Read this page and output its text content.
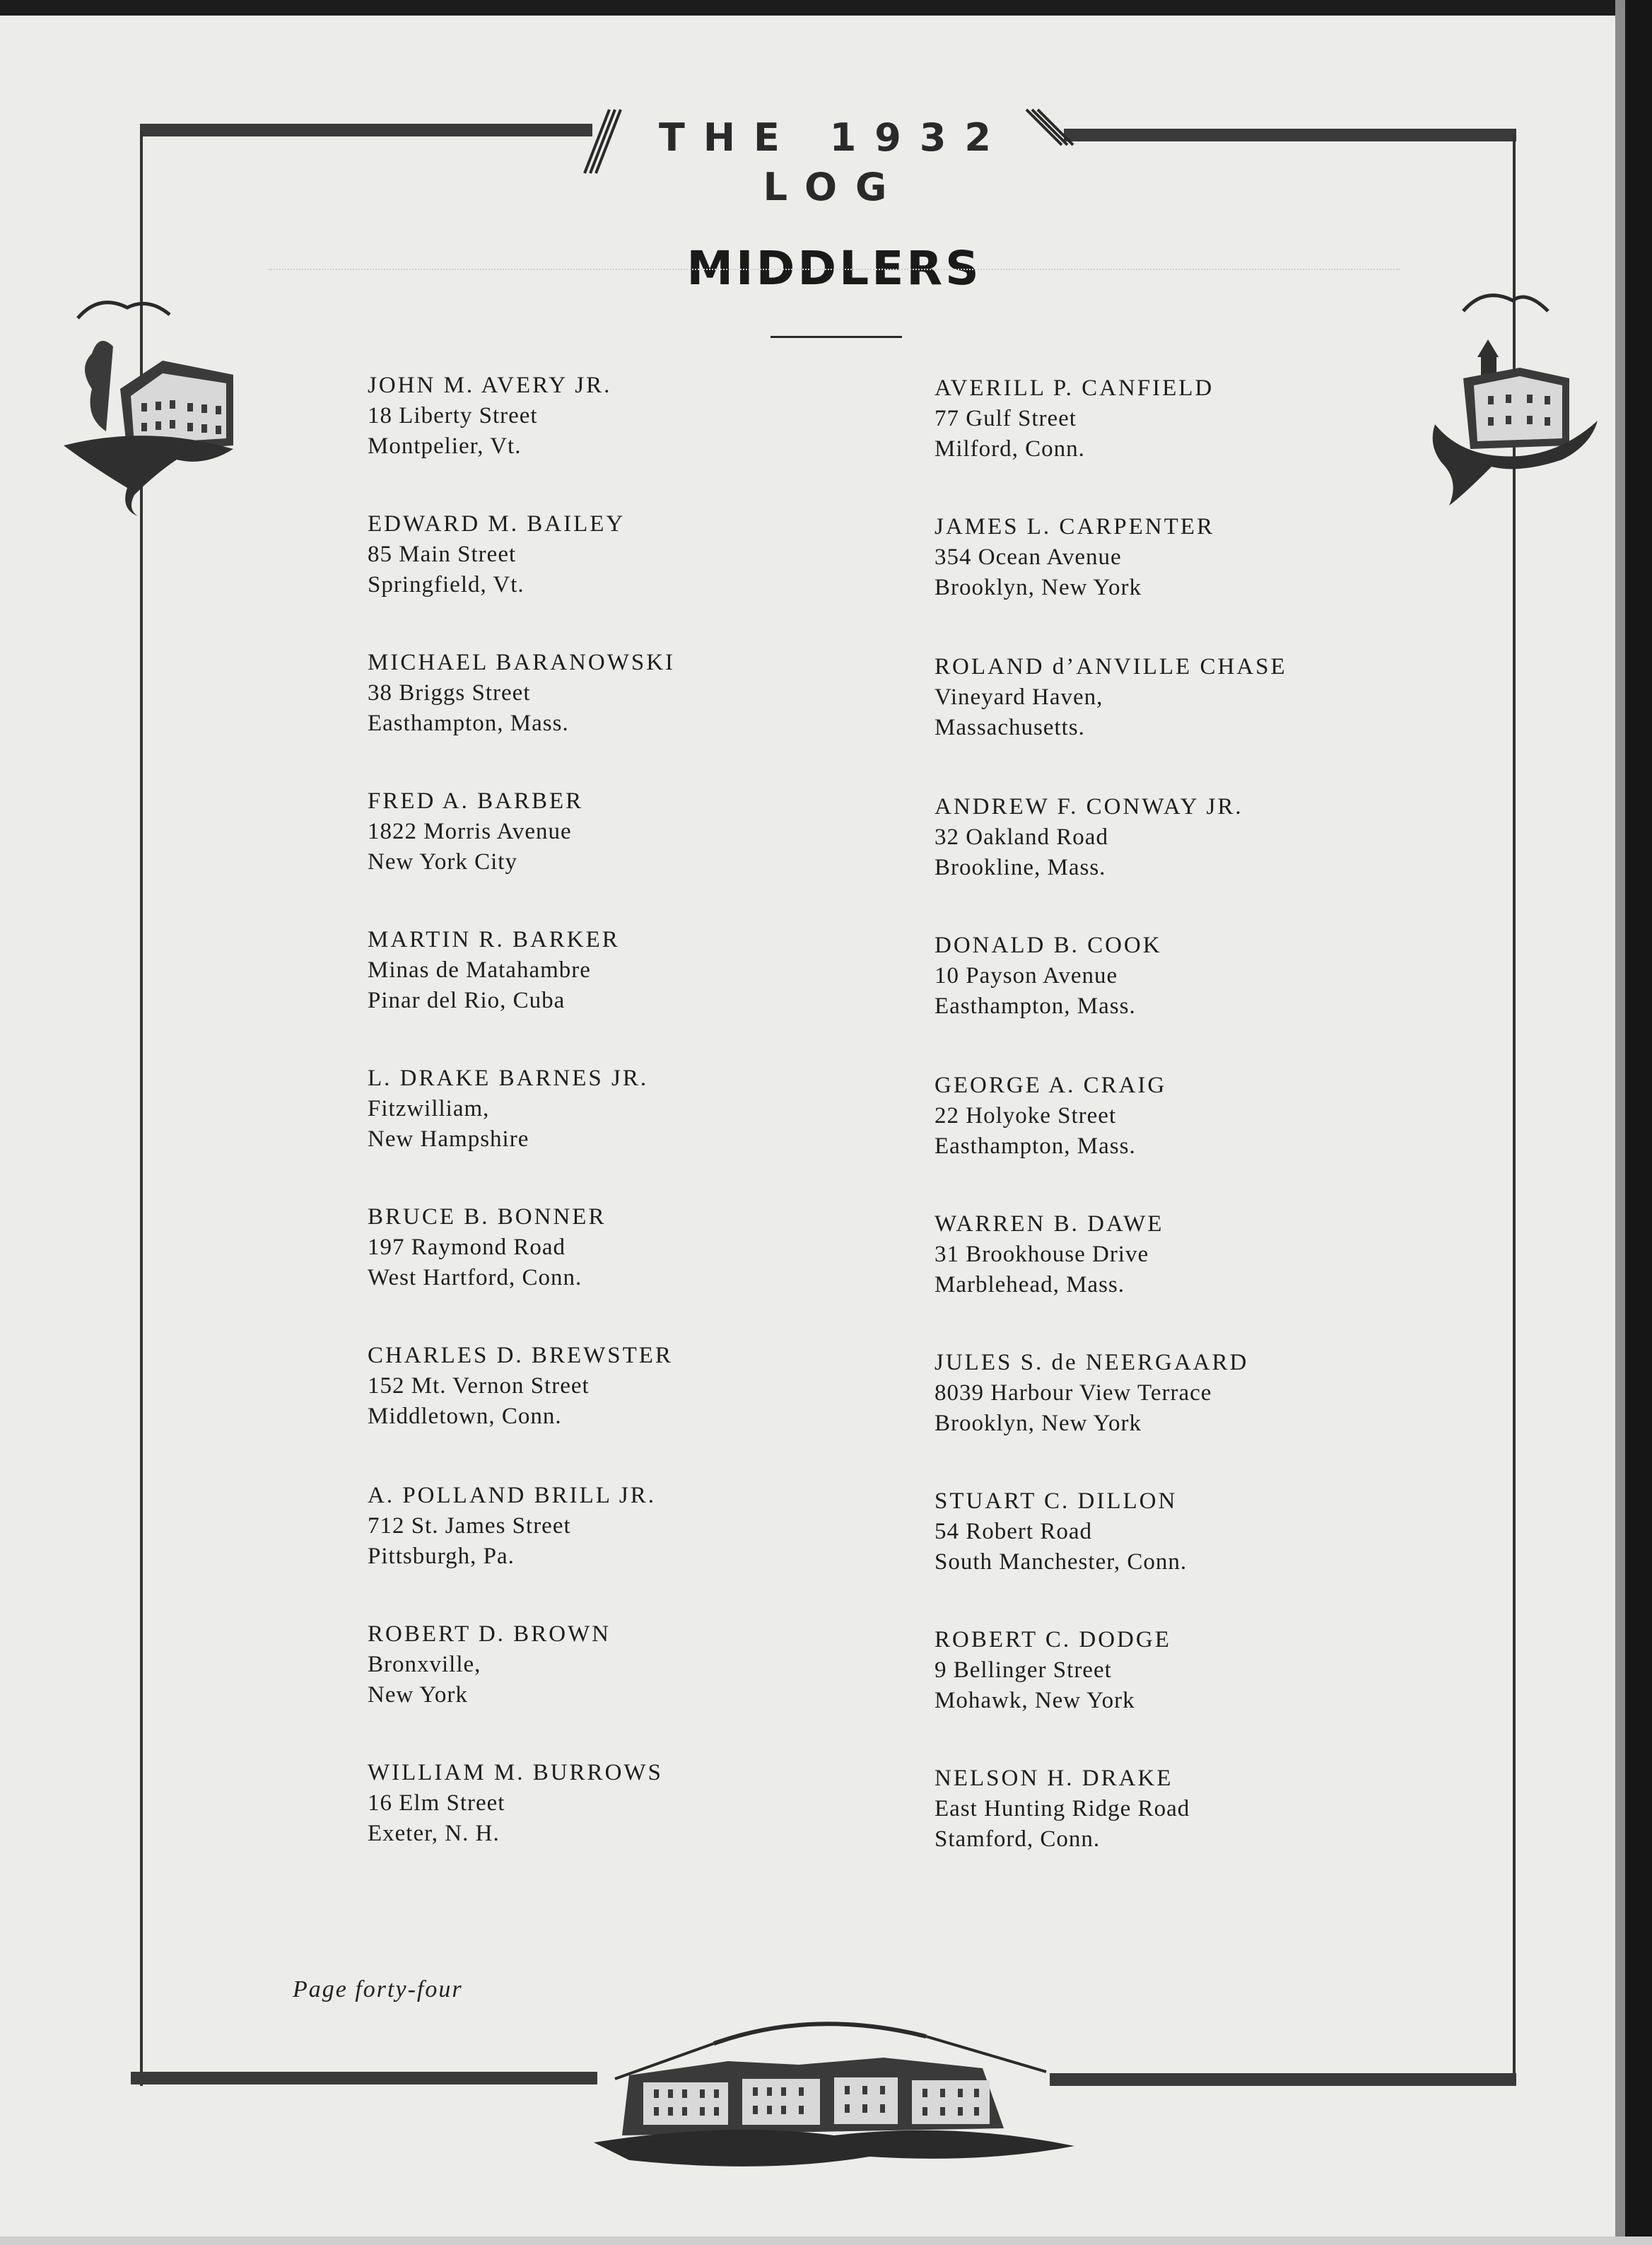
THE 1932 LOG
MIDDLERS
JOHN M. AVERY JR.
18 Liberty Street
Montpelier, Vt.
EDWARD M. BAILEY
85 Main Street
Springfield, Vt.
MICHAEL BARANOWSKI
38 Briggs Street
Easthampton, Mass.
FRED A. BARBER
1822 Morris Avenue
New York City
MARTIN R. BARKER
Minas de Matahambre
Pinar del Rio, Cuba
L. DRAKE BARNES JR.
Fitzwilliam,
New Hampshire
BRUCE B. BONNER
197 Raymond Road
West Hartford, Conn.
CHARLES D. BREWSTER
152 Mt. Vernon Street
Middletown, Conn.
A. POLLAND BRILL JR.
712 St. James Street
Pittsburgh, Pa.
ROBERT D. BROWN
Bronxville,
New York
WILLIAM M. BURROWS
16 Elm Street
Exeter, N. H.
AVERILL P. CANFIELD
77 Gulf Street
Milford, Conn.
JAMES L. CARPENTER
354 Ocean Avenue
Brooklyn, New York
ROLAND d’ANVILLE CHASE
Vineyard Haven,
Massachusetts.
ANDREW F. CONWAY JR.
32 Oakland Road
Brookline, Mass.
DONALD B. COOK
10 Payson Avenue
Easthampton, Mass.
GEORGE A. CRAIG
22 Holyoke Street
Easthampton, Mass.
WARREN B. DAWE
31 Brookhouse Drive
Marblehead, Mass.
JULES S. de NEERGAARD
8039 Harbour View Terrace
Brooklyn, New York
STUART C. DILLON
54 Robert Road
South Manchester, Conn.
ROBERT C. DODGE
9 Bellinger Street
Mohawk, New York
NELSON H. DRAKE
East Hunting Ridge Road
Stamford, Conn.
Page forty-four
